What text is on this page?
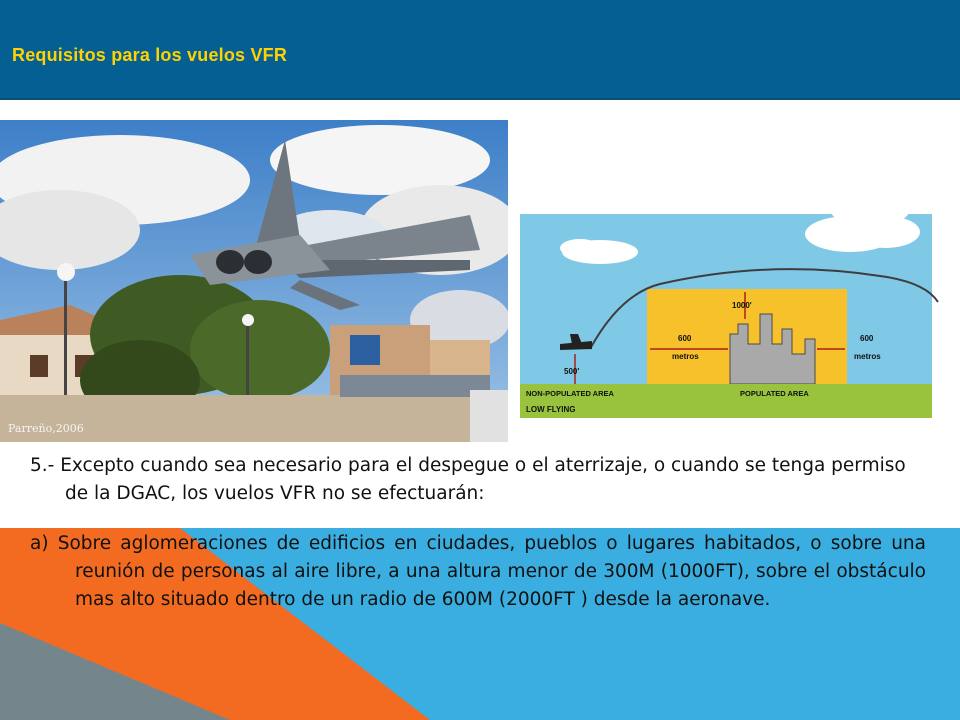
Requisitos para los vuelos VFR
Parreño,2006
1000'
600
metros
600
metros
500'
NON-POPULATED AREA	POPULATED AREA
LOW FLYING

5.- Excepto cuando sea necesario para el despegue o el aterrizaje, o cuando se tenga permiso de la DGAC, los vuelos VFR no se efectuarán:

a) Sobre aglomeraciones de edificios en ciudades, pueblos o lugares habitados, o sobre una reunión de personas al aire libre, a una altura menor de 300M (1000FT), sobre el obstáculo mas alto situado dentro de un radio de 600M (2000FT ) desde la aeronave.
